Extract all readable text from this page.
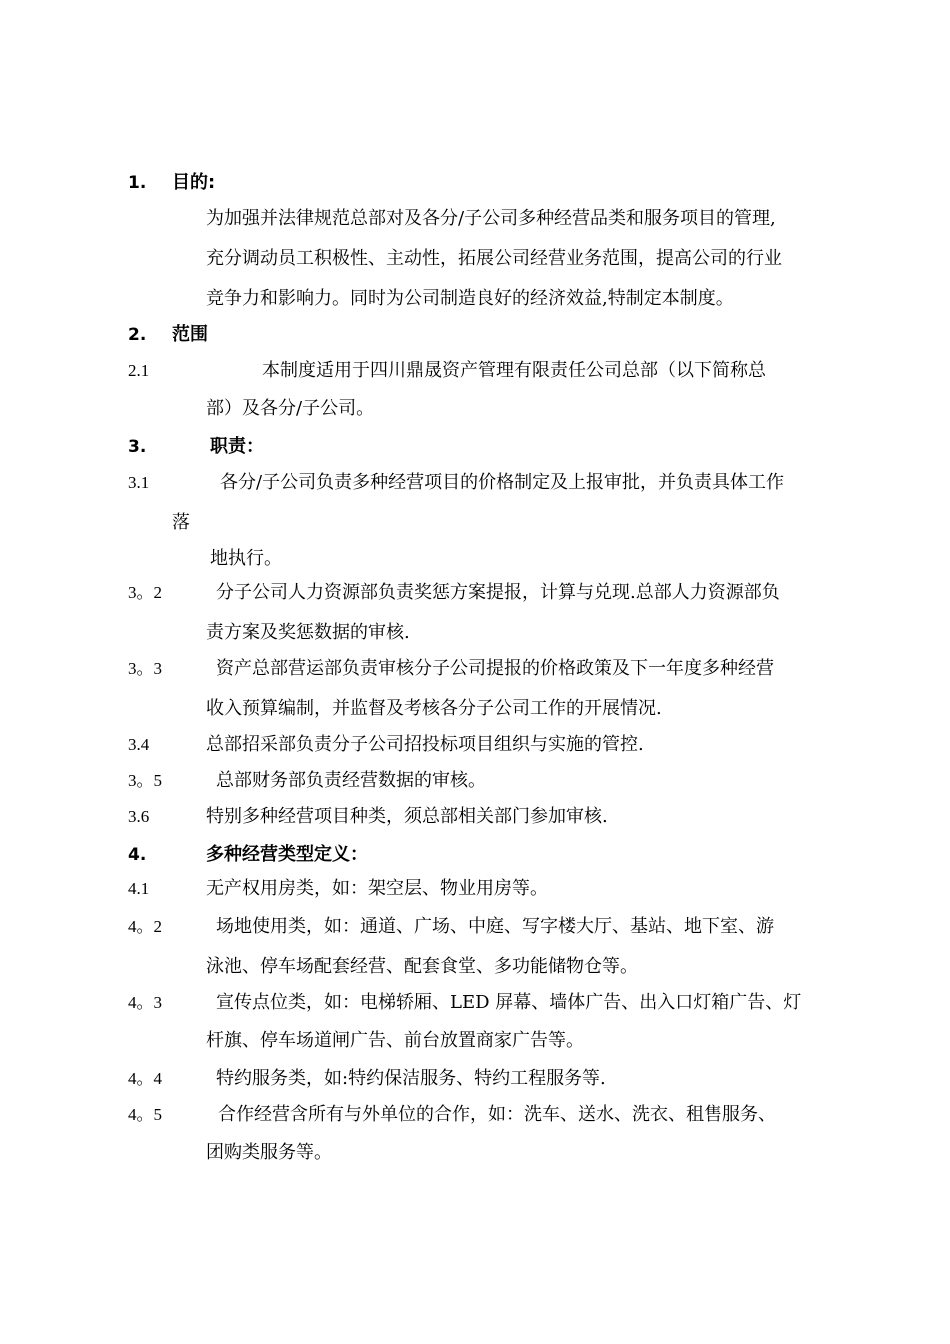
1. 目的:
为加强并法律规范总部对及各分/子公司多种经营品类和服务项目的管理,
充分调动员工积极性、主动性，拓展公司经营业务范围，提高公司的行业
竞争力和影响力。同时为公司制造良好的经济效益,特制定本制度。
2. 范围
2.1	本制度适用于四川鼎晟资产管理有限责任公司总部（以下简称总
部）及各分/子公司。
3.	职责：
3.1	各分/子公司负责多种经营项目的价格制定及上报审批，并负责具体工作
落
地执行。
3。2	分子公司人力资源部负责奖惩方案提报，计算与兑现.总部人力资源部负
责方案及奖惩数据的审核.
3。3	资产总部营运部负责审核分子公司提报的价格政策及下一年度多种经营
收入预算编制，并监督及考核各分子公司工作的开展情况.
3.4	总部招采部负责分子公司招投标项目组织与实施的管控.
3。5	总部财务部负责经营数据的审核。
3.6	特别多种经营项目种类，须总部相关部门参加审核.
4.	多种经营类型定义：
4.1	无产权用房类，如：架空层、物业用房等。
4。2	场地使用类，如：通道、广场、中庭、写字楼大厅、基站、地下室、游
泳池、停车场配套经营、配套食堂、多功能储物仓等。
4。3	宣传点位类，如：电梯轿厢、LED 屏幕、墙体广告、出入口灯箱广告、灯
杆旗、停车场道闸广告、前台放置商家广告等。
4。4	特约服务类，如:特约保洁服务、特约工程服务等.
4。5	合作经营含所有与外单位的合作，如：洗车、送水、洗衣、租售服务、
团购类服务等。
